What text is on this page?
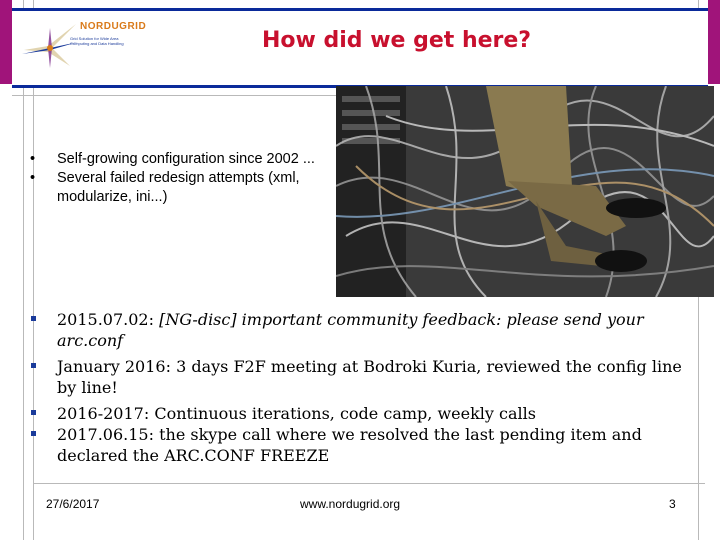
NORDUGRID
Grid Solution for Wide Area
Computing and Data Handling	How did we get here?
• Self-growing configuration since 2002 ...
• Several failed redesign attempts (xml, modularize, ini...)
2015.07.02: [NG-disc] important community feedback: please send your arc.conf
January 2016: 3 days F2F meeting at Bodroki Kuria, reviewed the config line by line!
2016-2017: Continuous iterations, code camp, weekly calls
2017.06.15: the skype call where we resolved the last pending item and declared the ARC.CONF FREEZE
27/6/2017	www.nordugrid.org	3
